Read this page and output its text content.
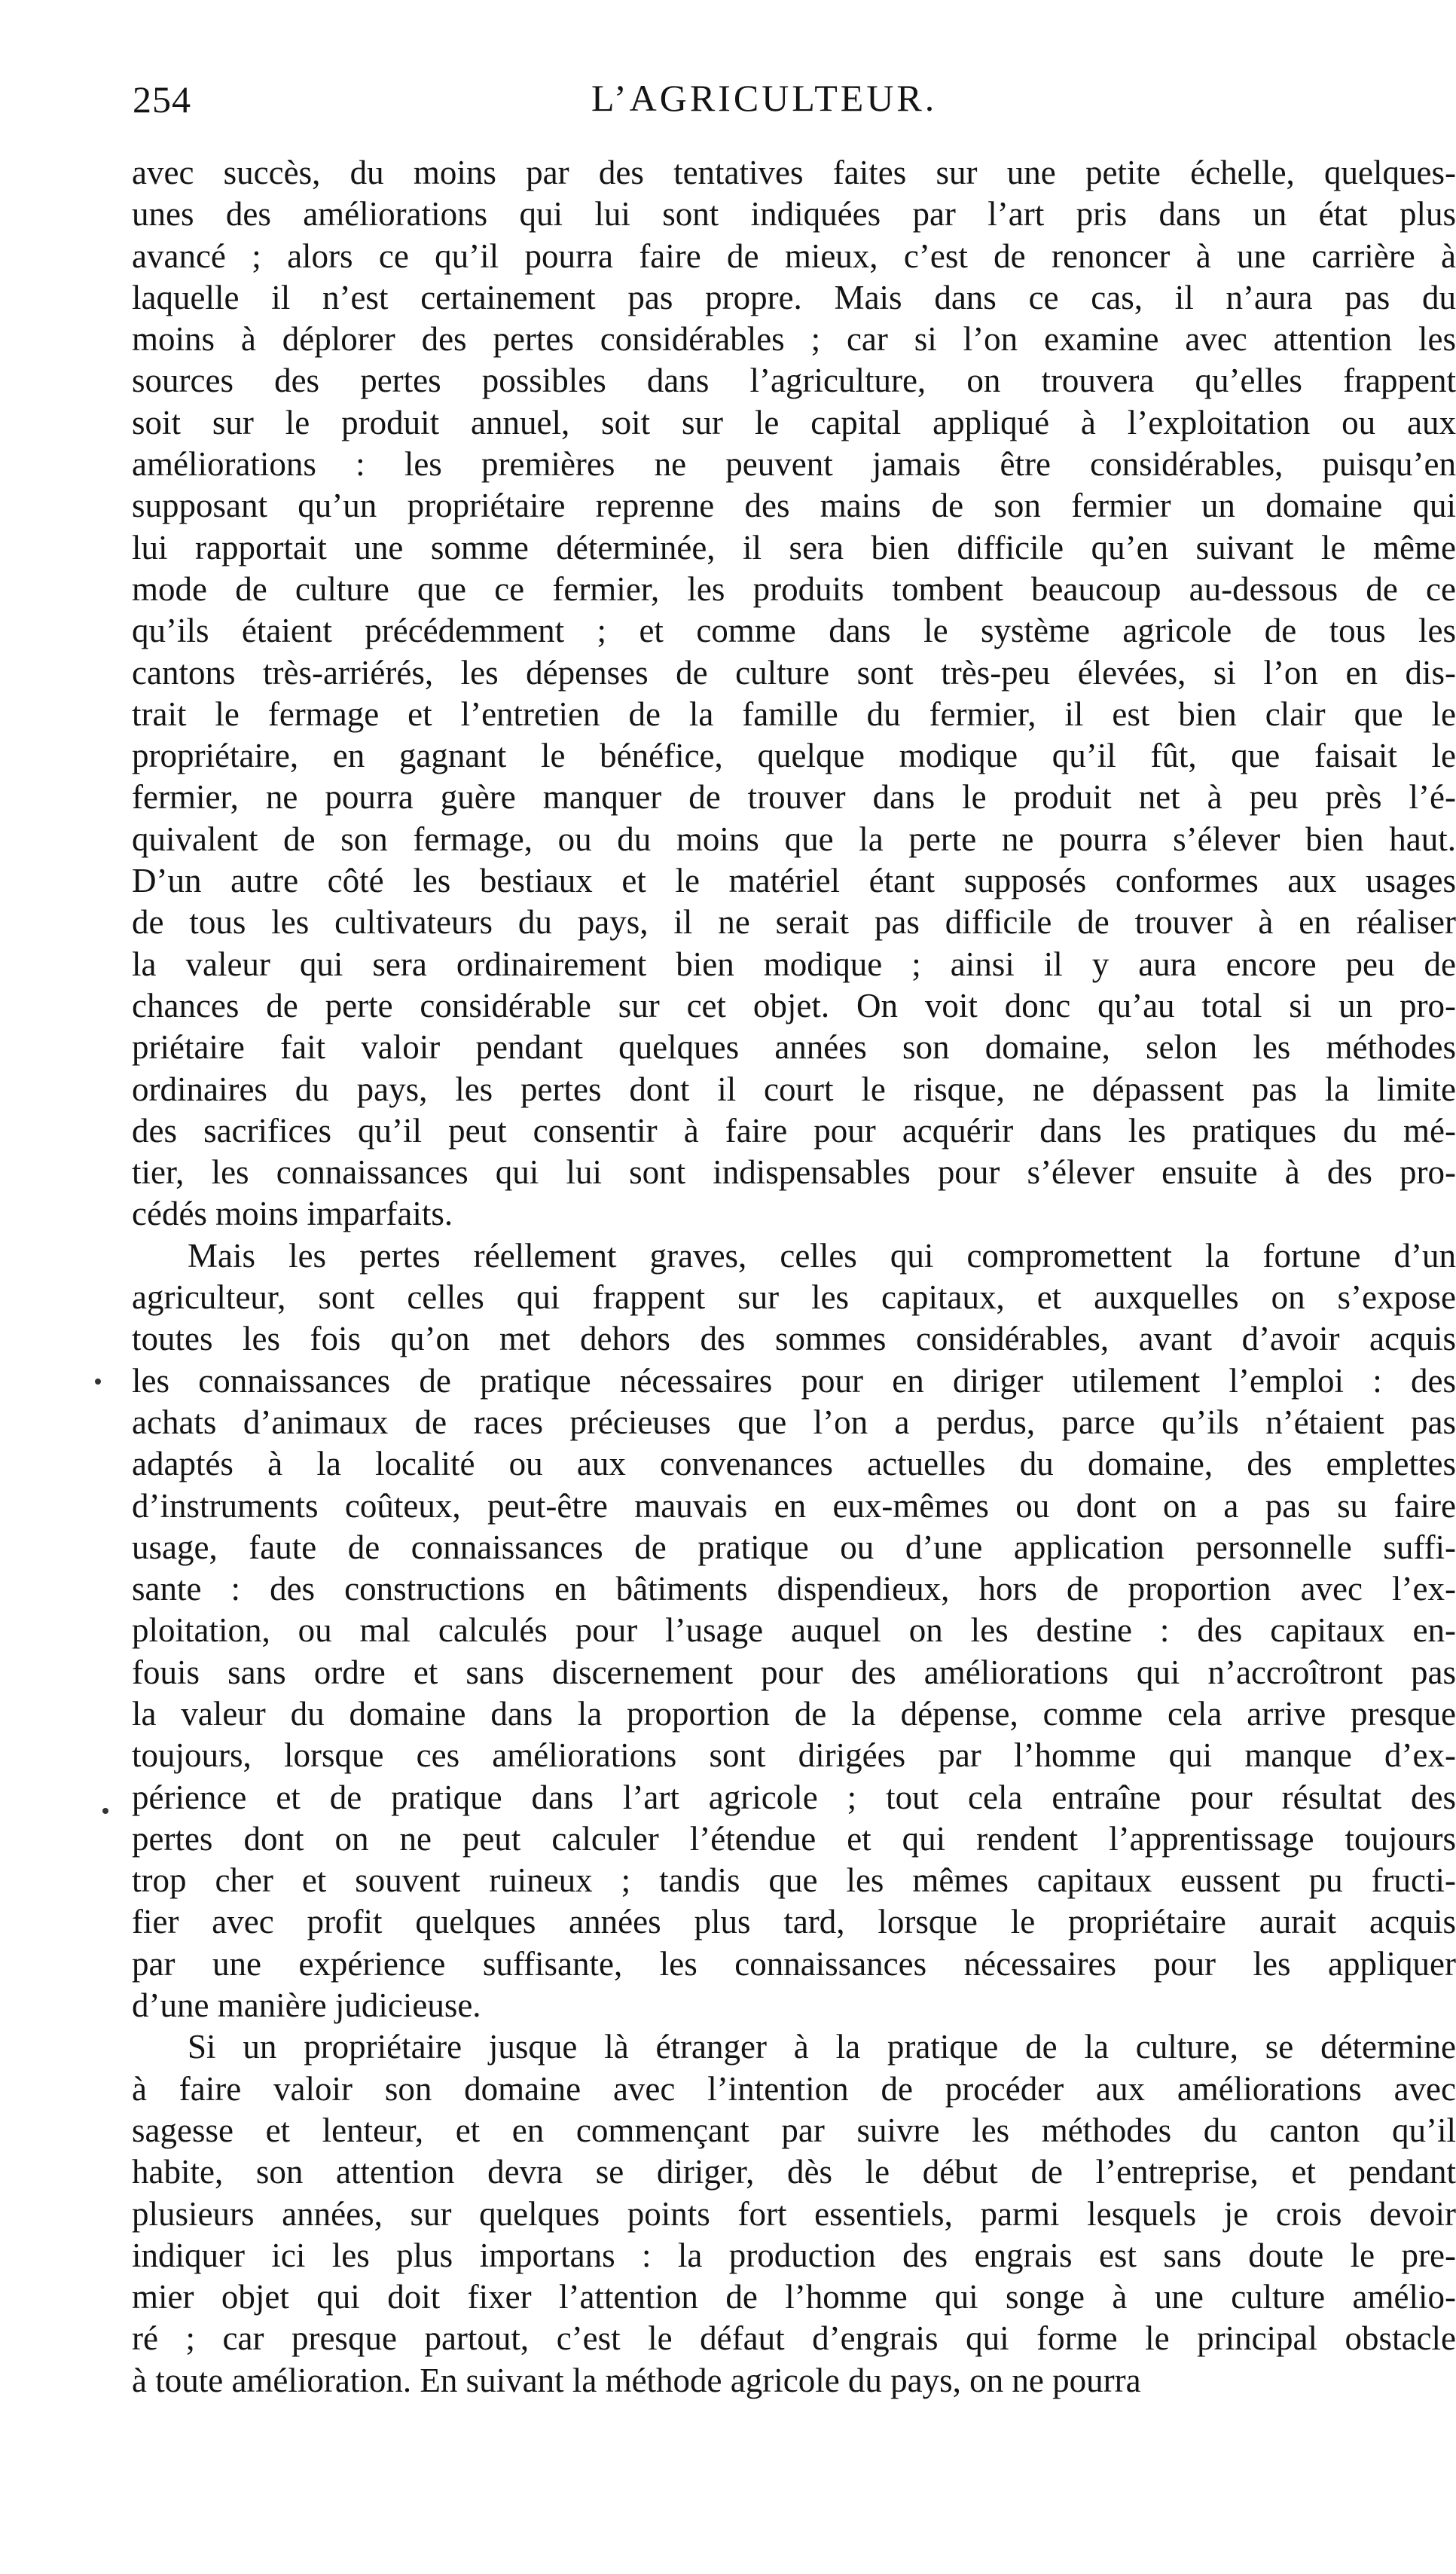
254	L’AGRICULTEUR.
avec succès, du moins par des tentatives faites sur une petite échelle, quelques-
unes des améliorations qui lui sont indiquées par l’art pris dans un état plus
avancé ; alors ce qu’il pourra faire de mieux, c’est de renoncer à une carrière à
laquelle il n’est certainement pas propre. Mais dans ce cas, il n’aura pas du
moins à déplorer des pertes considérables ; car si l’on examine avec attention les
sources des pertes possibles dans l’agriculture, on trouvera qu’elles frappent
soit sur le produit annuel, soit sur le capital appliqué à l’exploitation ou aux
améliorations : les premières ne peuvent jamais être considérables, puisqu’en
supposant qu’un propriétaire reprenne des mains de son fermier un domaine qui
lui rapportait une somme déterminée, il sera bien difficile qu’en suivant le même
mode de culture que ce fermier, les produits tombent beaucoup au-dessous de ce
qu’ils étaient précédemment ; et comme dans le système agricole de tous les
cantons très-arriérés, les dépenses de culture sont très-peu élevées, si l’on en dis-
trait le fermage et l’entretien de la famille du fermier, il est bien clair que le
propriétaire, en gagnant le bénéfice, quelque modique qu’il fût, que faisait le
fermier, ne pourra guère manquer de trouver dans le produit net à peu près l’é-
quivalent de son fermage, ou du moins que la perte ne pourra s’élever bien haut.
D’un autre côté les bestiaux et le matériel étant supposés conformes aux usages
de tous les cultivateurs du pays, il ne serait pas difficile de trouver à en réaliser
la valeur qui sera ordinairement bien modique ; ainsi il y aura encore peu de
chances de perte considérable sur cet objet. On voit donc qu’au total si un pro-
priétaire fait valoir pendant quelques années son domaine, selon les méthodes
ordinaires du pays, les pertes dont il court le risque, ne dépassent pas la limite
des sacrifices qu’il peut consentir à faire pour acquérir dans les pratiques du mé-
tier, les connaissances qui lui sont indispensables pour s’élever ensuite à des pro-
cédés moins imparfaits.
Mais les pertes réellement graves, celles qui compromettent la fortune d’un
agriculteur, sont celles qui frappent sur les capitaux, et auxquelles on s’expose
toutes les fois qu’on met dehors des sommes considérables, avant d’avoir acquis
les connaissances de pratique nécessaires pour en diriger utilement l’emploi : des
achats d’animaux de races précieuses que l’on a perdus, parce qu’ils n’étaient pas
adaptés à la localité ou aux convenances actuelles du domaine, des emplettes
d’instruments coûteux, peut-être mauvais en eux-mêmes ou dont on a pas su faire
usage, faute de connaissances de pratique ou d’une application personnelle suffi-
sante : des constructions en bâtiments dispendieux, hors de proportion avec l’ex-
ploitation, ou mal calculés pour l’usage auquel on les destine : des capitaux en-
fouis sans ordre et sans discernement pour des améliorations qui n’accroîtront pas
la valeur du domaine dans la proportion de la dépense, comme cela arrive presque
toujours, lorsque ces améliorations sont dirigées par l’homme qui manque d’ex-
périence et de pratique dans l’art agricole ; tout cela entraîne pour résultat des
pertes dont on ne peut calculer l’étendue et qui rendent l’apprentissage toujours
trop cher et souvent ruineux ; tandis que les mêmes capitaux eussent pu fructi-
fier avec profit quelques années plus tard, lorsque le propriétaire aurait acquis
par une expérience suffisante, les connaissances nécessaires pour les appliquer
d’une manière judicieuse.
Si un propriétaire jusque là étranger à la pratique de la culture, se détermine
à faire valoir son domaine avec l’intention de procéder aux améliorations avec
sagesse et lenteur, et en commençant par suivre les méthodes du canton qu’il
habite, son attention devra se diriger, dès le début de l’entreprise, et pendant
plusieurs années, sur quelques points fort essentiels, parmi lesquels je crois devoir
indiquer ici les plus importans : la production des engrais est sans doute le pre-
mier objet qui doit fixer l’attention de l’homme qui songe à une culture amélio-
ré ; car presque partout, c’est le défaut d’engrais qui forme le principal obstacle
à toute amélioration. En suivant la méthode agricole du pays, on ne pourra
